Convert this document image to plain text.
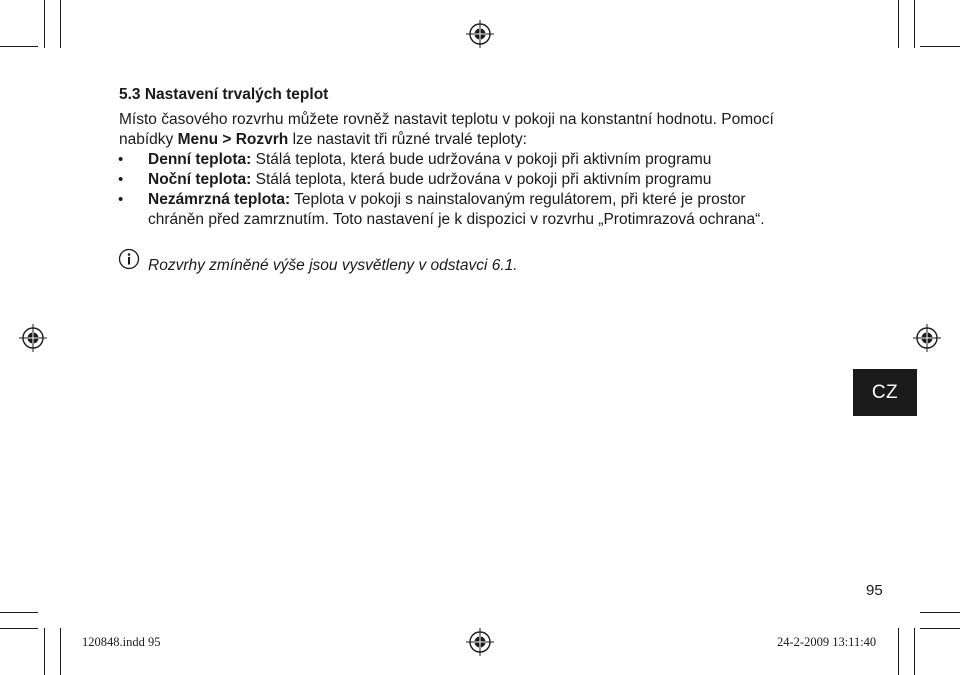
5.3 Nastavení trvalých teplot
Místo časového rozvrhu můžete rovněž nastavit teplotu v pokoji na konstantní hodnotu. Pomocí
nabídky Menu > Rozvrh lze nastavit tři různé trvalé teploty:
• Denní teplota: Stálá teplota, která bude udržována v pokoji při aktivním programu
• Noční teplota: Stálá teplota, která bude udržována v pokoji při aktivním programu
• Nezámrzná teplota: Teplota v pokoji s nainstalovaným regulátorem, při které je prostor
chráněn před zamrznutím. Toto nastavení je k dispozici v rozvrhu „Protimrazová ochrana“.
Rozvrhy zmíněné výše jsou vysvětleny v odstavci 6.1.
CZ
95
120848.indd 95	24-2-2009 13:11:40
